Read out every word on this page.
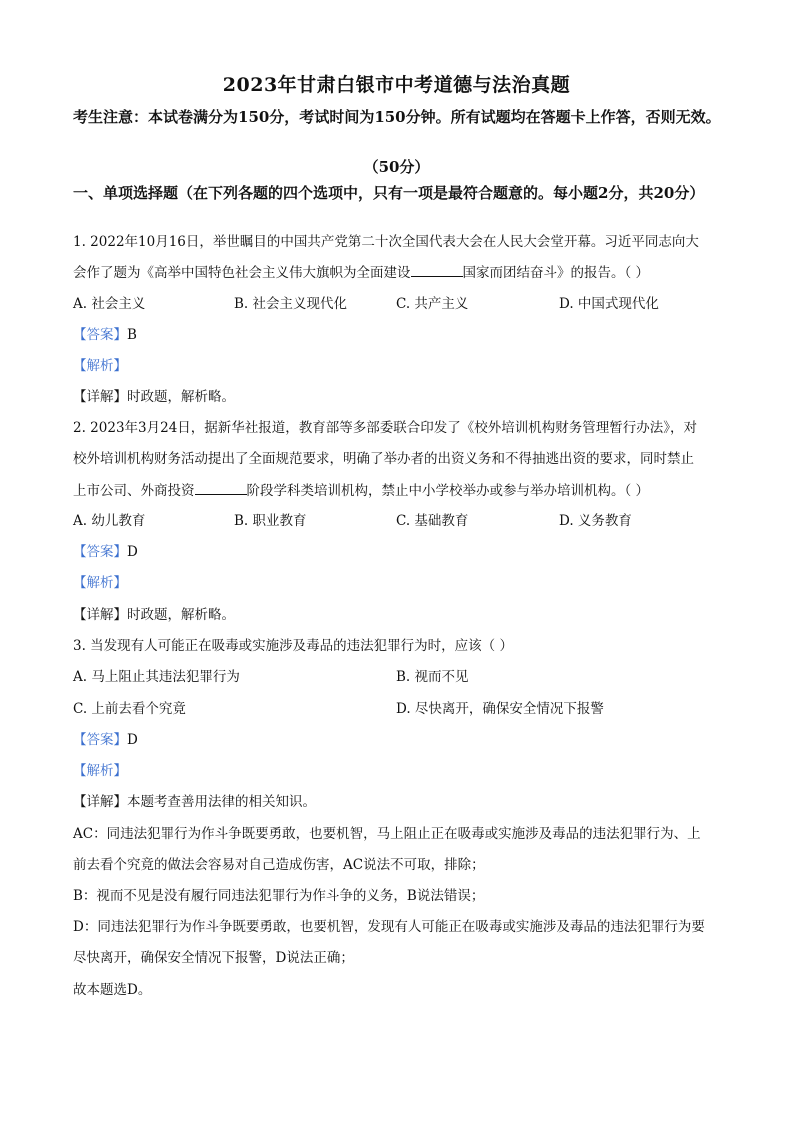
2023年甘肃白银市中考道德与法治真题
考生注意：本试卷满分为150分，考试时间为150分钟。所有试题均在答题卡上作答，否则无效。
（50分）
一、单项选择题（在下列各题的四个选项中，只有一项是最符合题意的。每小题2分，共20分）
1. 2022年10月16日，举世瞩目的中国共产党第二十次全国代表大会在人民大会堂开幕。习近平同志向大
会作了题为《高举中国特色社会主义伟大旗帜为全面建设	国家而团结奋斗》的报告。（ ）
A. 社会主义	B. 社会主义现代化	C. 共产主义	D. 中国式现代化
【答案】B
【解析】
【详解】时政题，解析略。
2. 2023年3月24日，据新华社报道，教育部等多部委联合印发了《校外培训机构财务管理暂行办法》，对
校外培训机构财务活动提出了全面规范要求，明确了举办者的出资义务和不得抽逃出资的要求，同时禁止
上市公司、外商投资	阶段学科类培训机构，禁止中小学校举办或参与举办培训机构。（ ）
A. 幼儿教育	B. 职业教育	C. 基础教育	D. 义务教育
【答案】D
【解析】
【详解】时政题，解析略。
3. 当发现有人可能正在吸毒或实施涉及毒品的违法犯罪行为时，应该（ ）
A. 马上阻止其违法犯罪行为	B. 视而不见
C. 上前去看个究竟	D. 尽快离开，确保安全情况下报警
【答案】D
【解析】
【详解】本题考查善用法律的相关知识。
AC：同违法犯罪行为作斗争既要勇敢，也要机智，马上阻止正在吸毒或实施涉及毒品的违法犯罪行为、上
前去看个究竟的做法会容易对自己造成伤害，AC说法不可取，排除；
B：视而不见是没有履行同违法犯罪行为作斗争的义务，B说法错误；
D：同违法犯罪行为作斗争既要勇敢，也要机智，发现有人可能正在吸毒或实施涉及毒品的违法犯罪行为要
尽快离开，确保安全情况下报警，D说法正确；
故本题选D。
